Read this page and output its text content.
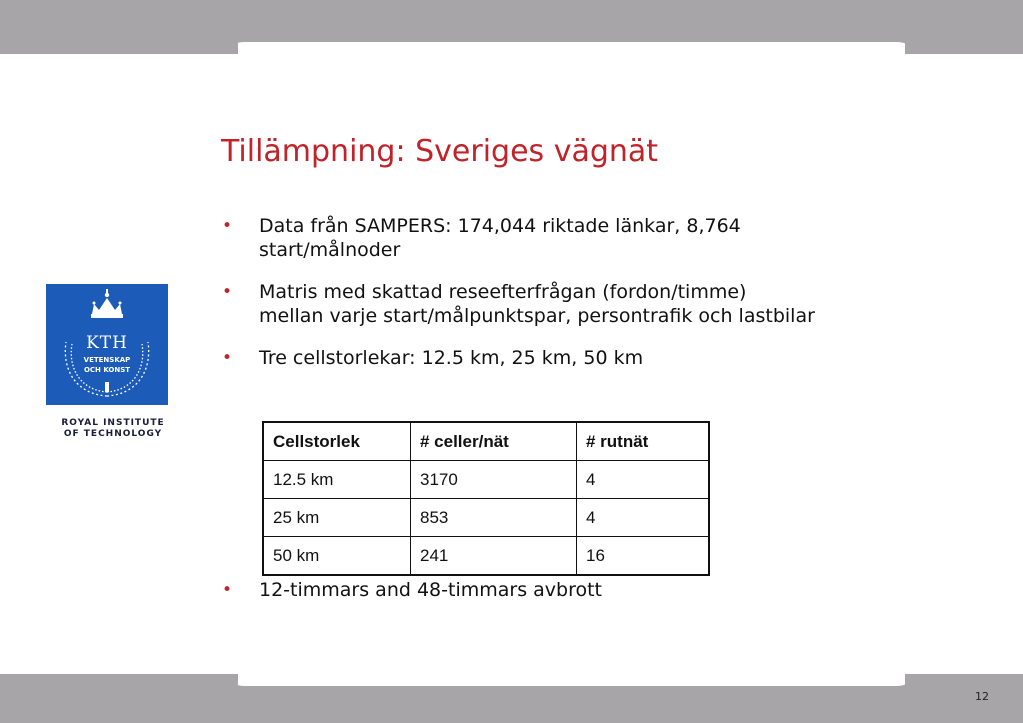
Tillämpning: Sveriges vägnät
• Data från SAMPERS: 174,044 riktade länkar, 8,764
start/målnoder
• Matris med skattad reseefterfrågan (fordon/timme)
mellan varje start/målpunktspar, persontrafik och lastbilar
• Tre cellstorlekar: 12.5 km, 25 km, 50 km
Cellstorlek	# celler/nät	# rutnät
12.5 km	3170	4
25 km	853	4
50 km	241	16
• 12-timmars and 48-timmars avbrott
KTH
VETENSKAP
OCH KONST
ROYAL INSTITUTE
OF TECHNOLOGY
12
